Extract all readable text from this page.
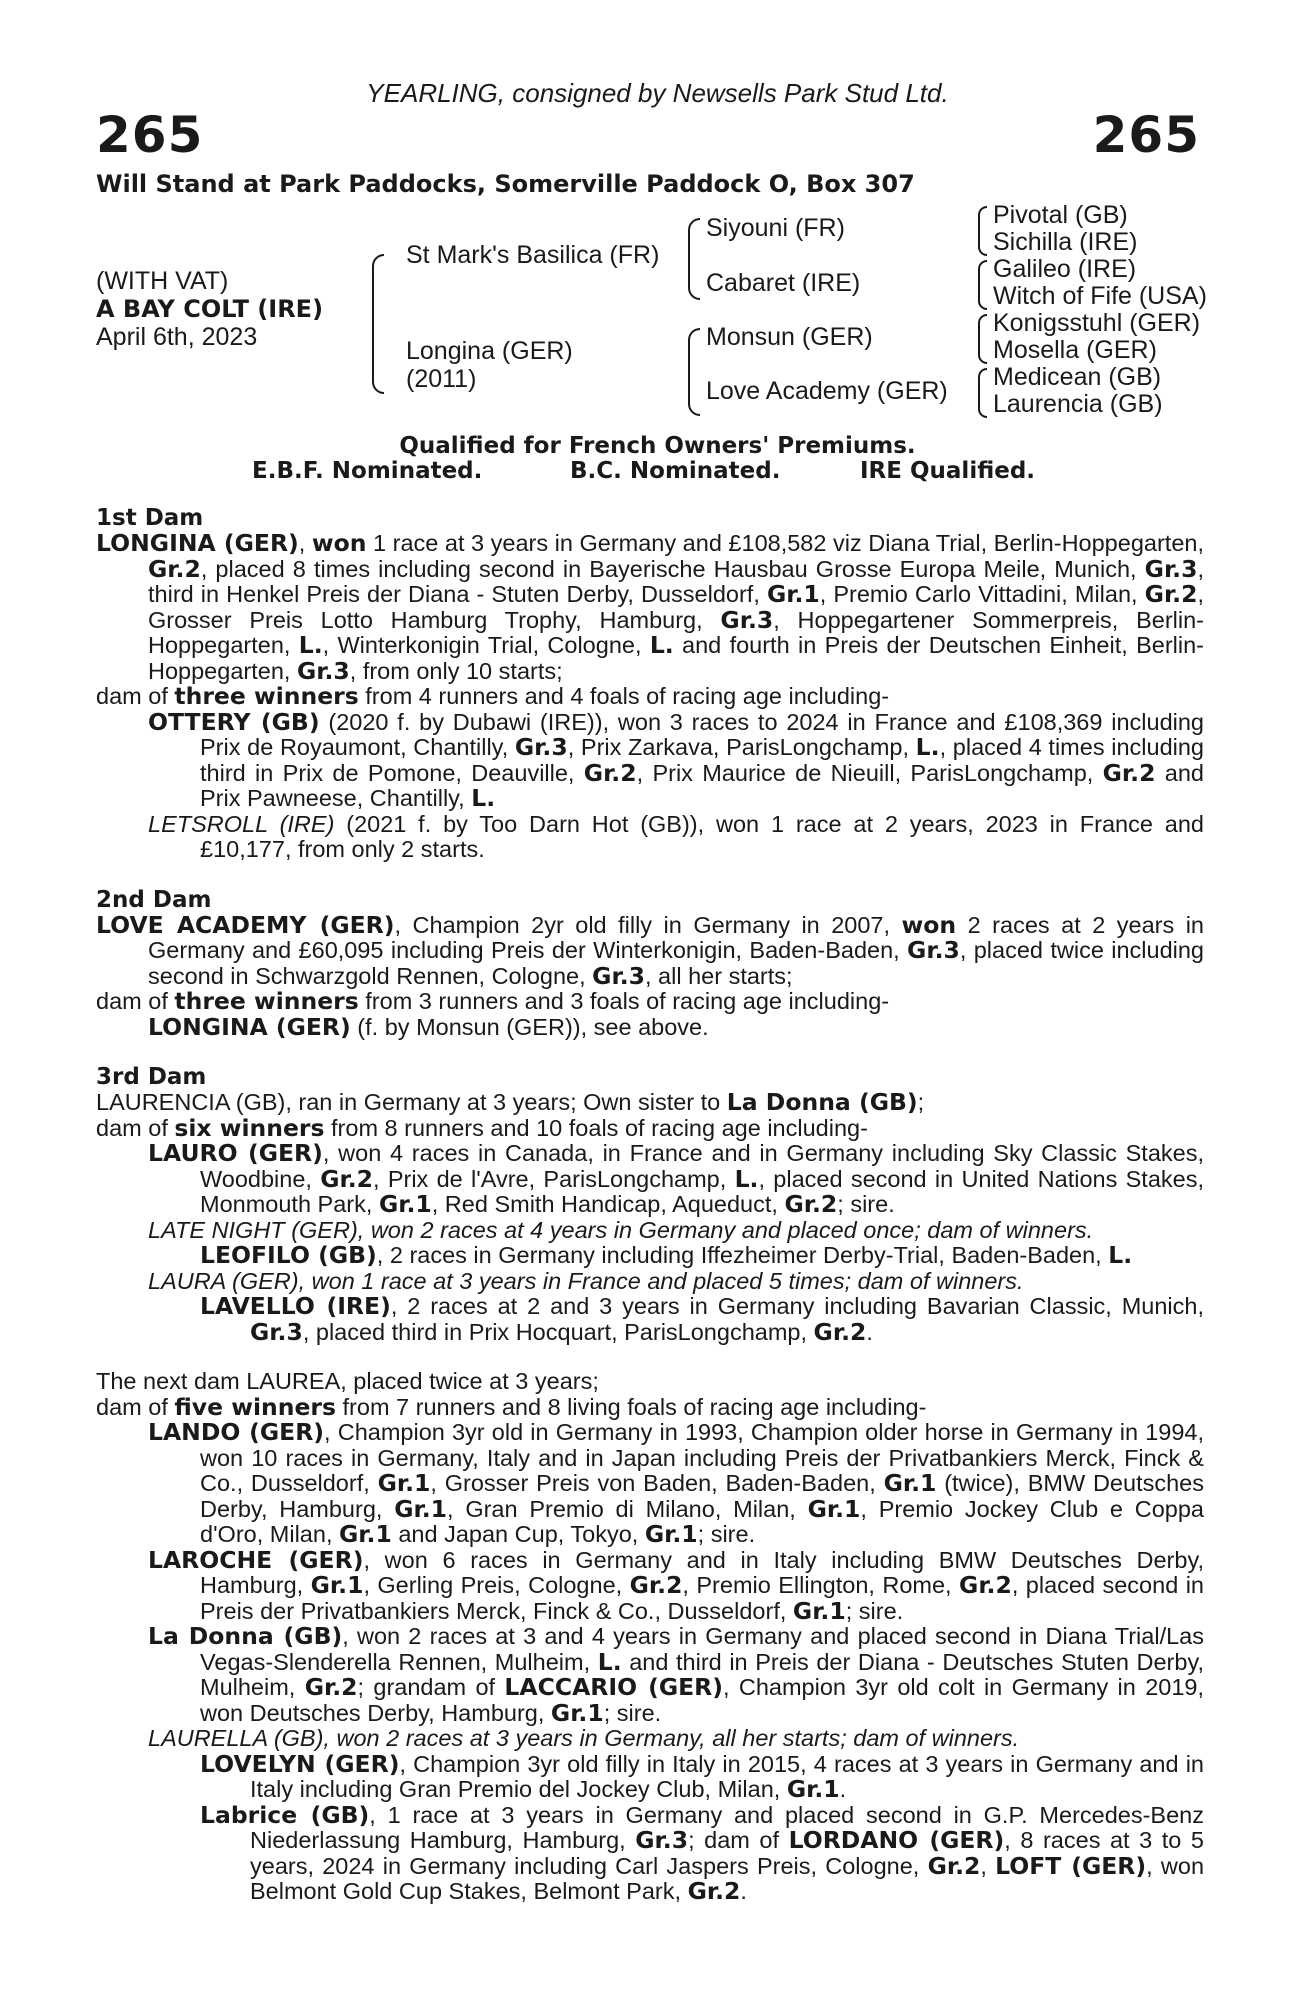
YEARLING, consigned by Newsells Park Stud Ltd.
265	265
Will Stand at Park Paddocks, Somerville Paddock O, Box 307
(WITH VAT)
A BAY COLT (IRE)
April 6th, 2023
St Mark's Basilica (FR)
Longina (GER)
(2011)
Siyouni (FR)
Cabaret (IRE)
Monsun (GER)
Love Academy (GER)
Pivotal (GB)
Sichilla (IRE)
Galileo (IRE)
Witch of Fife (USA)
Konigsstuhl (GER)
Mosella (GER)
Medicean (GB)
Laurencia (GB)
Qualified for French Owners' Premiums.
E.B.F. Nominated.	B.C. Nominated.	IRE Qualified.
1st Dam

LONGINA (GER), won 1 race at 3 years in Germany and £108,582 viz Diana Trial, Berlin-Hoppegarten, Gr.2, placed 8 times including second in Bayerische Hausbau Grosse Europa Meile, Munich, Gr.3, third in Henkel Preis der Diana - Stuten Derby, Dusseldorf, Gr.1, Premio Carlo Vittadini, Milan, Gr.2, Grosser Preis Lotto Hamburg Trophy, Hamburg, Gr.3, Hoppegartener Sommerpreis, Berlin-Hoppegarten, L., Winterkonigin Trial, Cologne, L. and fourth in Preis der Deutschen Einheit, Berlin-Hoppegarten, Gr.3, from only 10 starts;

dam of three winners from 4 runners and 4 foals of racing age including-

OTTERY (GB) (2020 f. by Dubawi (IRE)), won 3 races to 2024 in France and £108,369 including Prix de Royaumont, Chantilly, Gr.3, Prix Zarkava, ParisLongchamp, L., placed 4 times including third in Prix de Pomone, Deauville, Gr.2, Prix Maurice de Nieuill, ParisLongchamp, Gr.2 and Prix Pawneese, Chantilly, L.

LETSROLL (IRE) (2021 f. by Too Darn Hot (GB)), won 1 race at 2 years, 2023 in France and £10,177, from only 2 starts.

2nd Dam

LOVE ACADEMY (GER), Champion 2yr old filly in Germany in 2007, won 2 races at 2 years in Germany and £60,095 including Preis der Winterkonigin, Baden-Baden, Gr.3, placed twice including second in Schwarzgold Rennen, Cologne, Gr.3, all her starts;

dam of three winners from 3 runners and 3 foals of racing age including-

LONGINA (GER) (f. by Monsun (GER)), see above.

3rd Dam

LAURENCIA (GB), ran in Germany at 3 years; Own sister to La Donna (GB);

dam of six winners from 8 runners and 10 foals of racing age including-

LAURO (GER), won 4 races in Canada, in France and in Germany including Sky Classic Stakes, Woodbine, Gr.2, Prix de l'Avre, ParisLongchamp, L., placed second in United Nations Stakes, Monmouth Park, Gr.1, Red Smith Handicap, Aqueduct, Gr.2; sire.

LATE NIGHT (GER), won 2 races at 4 years in Germany and placed once; dam of winners.

LEOFILO (GB), 2 races in Germany including Iffezheimer Derby-Trial, Baden-Baden, L.

LAURA (GER), won 1 race at 3 years in France and placed 5 times; dam of winners.

LAVELLO (IRE), 2 races at 2 and 3 years in Germany including Bavarian Classic, Munich, Gr.3, placed third in Prix Hocquart, ParisLongchamp, Gr.2.

The next dam LAUREA, placed twice at 3 years;

dam of five winners from 7 runners and 8 living foals of racing age including-

LANDO (GER), Champion 3yr old in Germany in 1993, Champion older horse in Germany in 1994, won 10 races in Germany, Italy and in Japan including Preis der Privatbankiers Merck, Finck & Co., Dusseldorf, Gr.1, Grosser Preis von Baden, Baden-Baden, Gr.1 (twice), BMW Deutsches Derby, Hamburg, Gr.1, Gran Premio di Milano, Milan, Gr.1, Premio Jockey Club e Coppa d'Oro, Milan, Gr.1 and Japan Cup, Tokyo, Gr.1; sire.

LAROCHE (GER), won 6 races in Germany and in Italy including BMW Deutsches Derby, Hamburg, Gr.1, Gerling Preis, Cologne, Gr.2, Premio Ellington, Rome, Gr.2, placed second in Preis der Privatbankiers Merck, Finck & Co., Dusseldorf, Gr.1; sire.

La Donna (GB), won 2 races at 3 and 4 years in Germany and placed second in Diana Trial/Las Vegas-Slenderella Rennen, Mulheim, L. and third in Preis der Diana - Deutsches Stuten Derby, Mulheim, Gr.2; grandam of LACCARIO (GER), Champion 3yr old colt in Germany in 2019, won Deutsches Derby, Hamburg, Gr.1; sire.

LAURELLA (GB), won 2 races at 3 years in Germany, all her starts; dam of winners.

LOVELYN (GER), Champion 3yr old filly in Italy in 2015, 4 races at 3 years in Germany and in Italy including Gran Premio del Jockey Club, Milan, Gr.1.

Labrice (GB), 1 race at 3 years in Germany and placed second in G.P. Mercedes-Benz Niederlassung Hamburg, Hamburg, Gr.3; dam of LORDANO (GER), 8 races at 3 to 5 years, 2024 in Germany including Carl Jaspers Preis, Cologne, Gr.2, LOFT (GER), won Belmont Gold Cup Stakes, Belmont Park, Gr.2.
